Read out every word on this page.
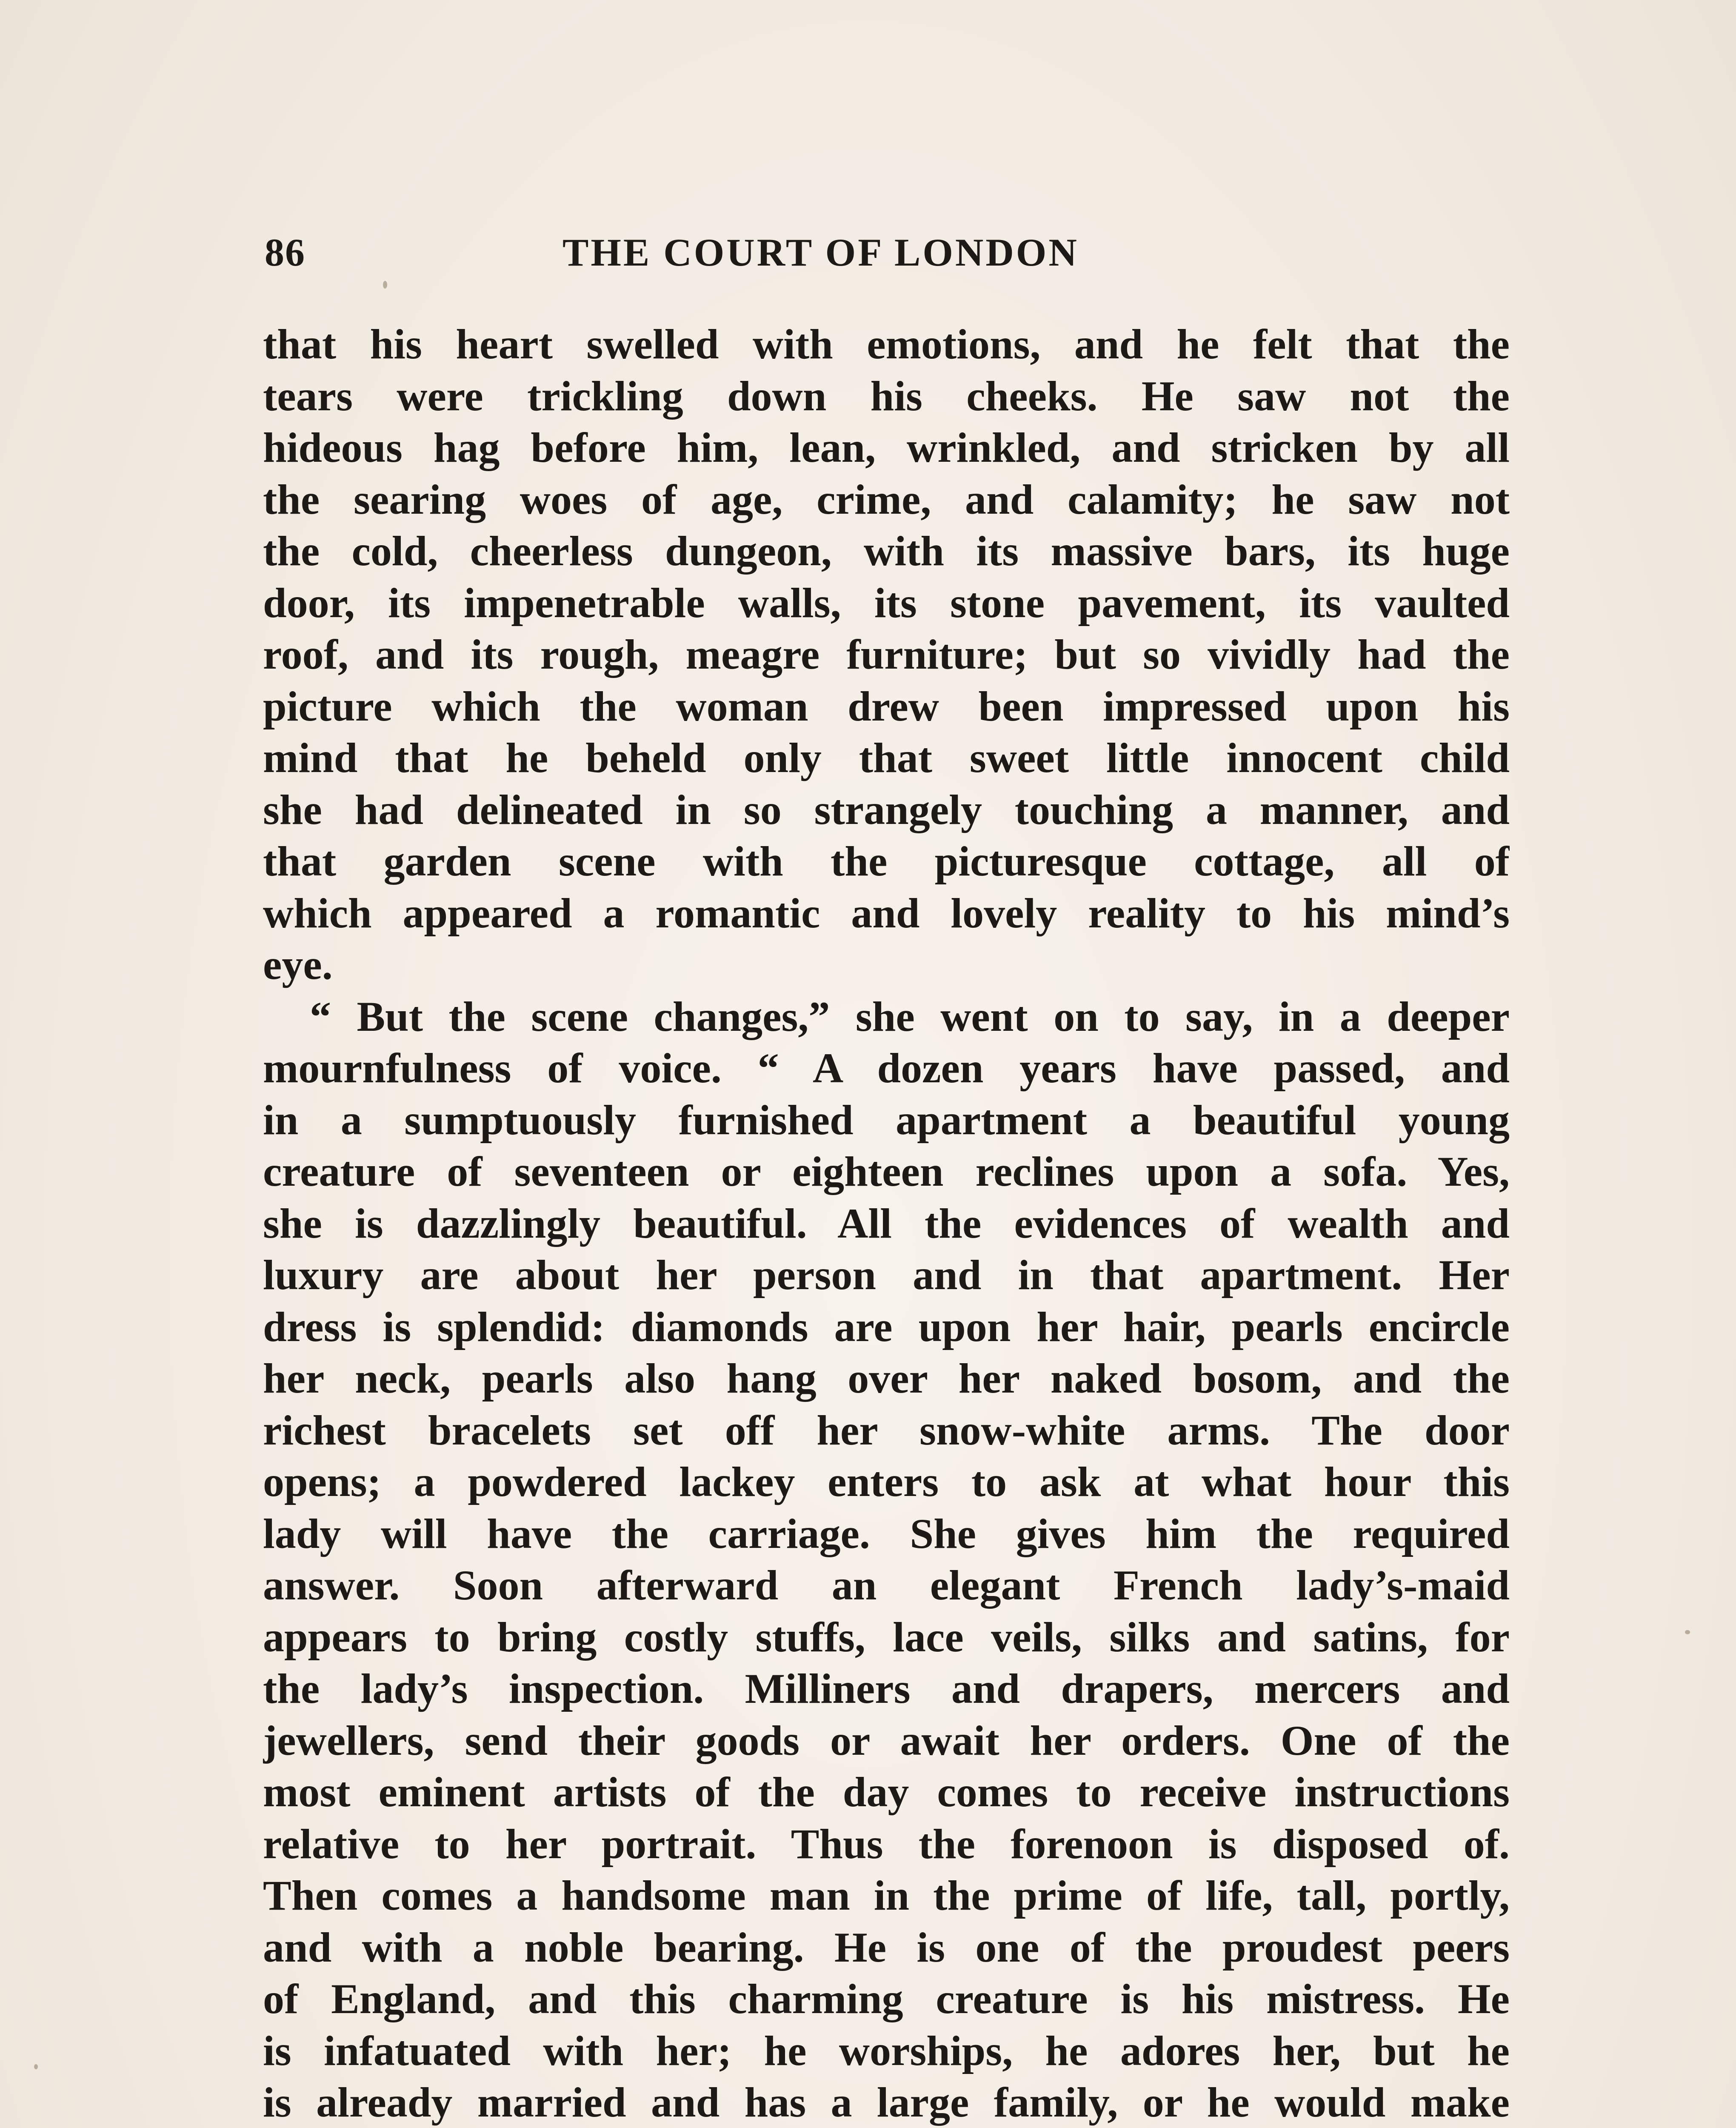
86	THE COURT OF LONDON
that his heart swelled with emotions, and he felt that the
tears were trickling down his cheeks. He saw not the
hideous hag before him, lean, wrinkled, and stricken by all
the searing woes of age, crime, and calamity; he saw not
the cold, cheerless dungeon, with its massive bars, its huge
door, its impenetrable walls, its stone pavement, its vaulted
roof, and its rough, meagre furniture; but so vividly had the
picture which the woman drew been impressed upon his
mind that he beheld only that sweet little innocent child
she had delineated in so strangely touching a manner, and
that garden scene with the picturesque cottage, all of
which appeared a romantic and lovely reality to his mind’s
eye.
“ But the scene changes,” she went on to say, in a deeper
mournfulness of voice. “ A dozen years have passed, and
in a sumptuously furnished apartment a beautiful young
creature of seventeen or eighteen reclines upon a sofa. Yes,
she is dazzlingly beautiful. All the evidences of wealth and
luxury are about her person and in that apartment. Her
dress is splendid: diamonds are upon her hair, pearls encircle
her neck, pearls also hang over her naked bosom, and the
richest bracelets set off her snow-white arms. The door
opens; a powdered lackey enters to ask at what hour this
lady will have the carriage. She gives him the required
answer. Soon afterward an elegant French lady’s-maid
appears to bring costly stuffs, lace veils, silks and satins, for
the lady’s inspection. Milliners and drapers, mercers and
jewellers, send their goods or await her orders. One of the
most eminent artists of the day comes to receive instructions
relative to her portrait. Thus the forenoon is disposed of.
Then comes a handsome man in the prime of life, tall, portly,
and with a noble bearing. He is one of the proudest peers
of England, and this charming creature is his mistress. He
is infatuated with her; he worships, he adores her, but he
is already married and has a large family, or he would make
